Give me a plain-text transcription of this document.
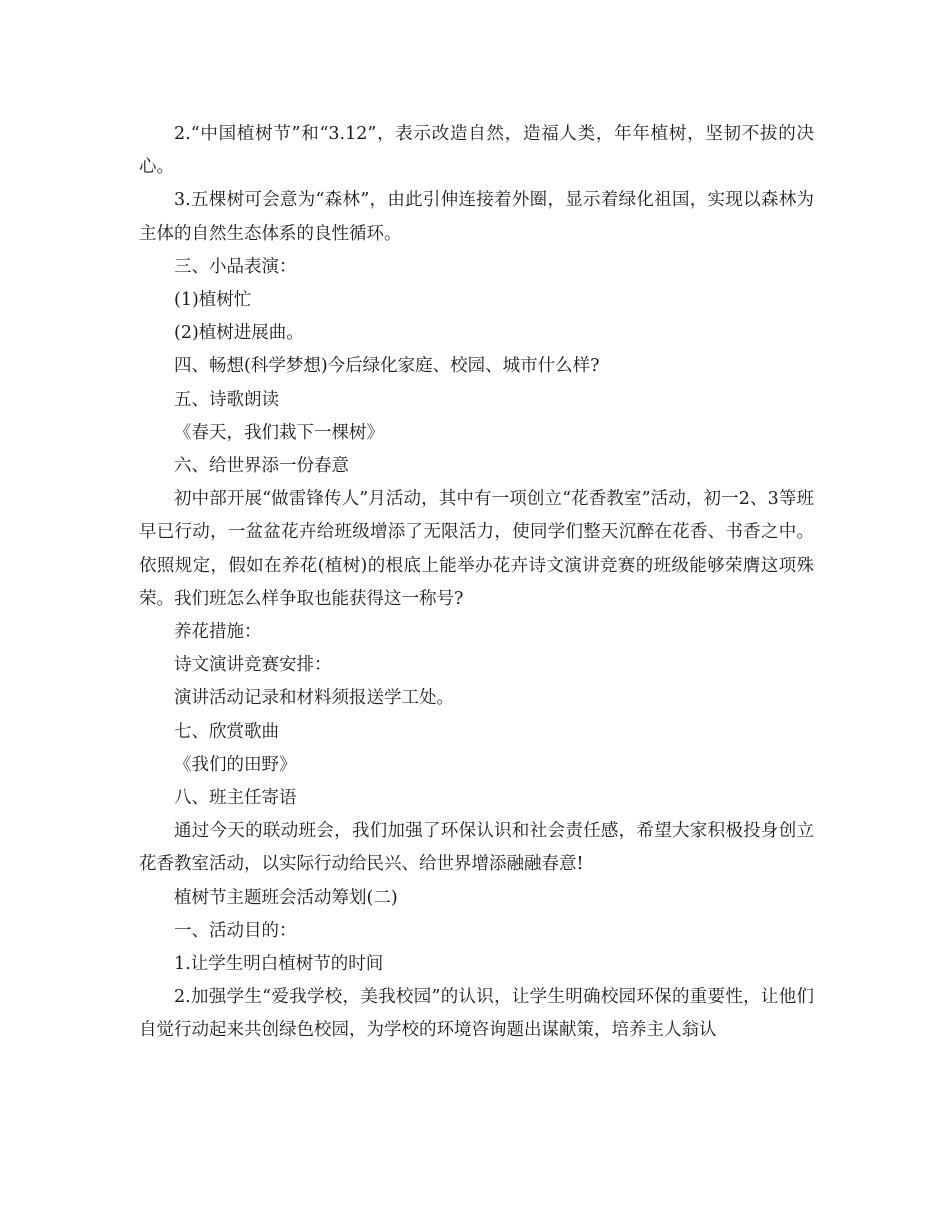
2.“中国植树节”和“3.12”，表示改造自然，造福人类，年年植树，坚韧不拔的决心。

3.五棵树可会意为“森林”，由此引伸连接着外圈，显示着绿化祖国，实现以森林为主体的自然生态体系的良性循环。

三、小品表演：

(1)植树忙

(2)植树进展曲。

四、畅想(科学梦想)今后绿化家庭、校园、城市什么样?

五、诗歌朗读

《春天，我们栽下一棵树》

六、给世界添一份春意

初中部开展“做雷锋传人”月活动，其中有一项创立“花香教室”活动，初一2、3等班早已行动，一盆盆花卉给班级增添了无限活力，使同学们整天沉醉在花香、书香之中。依照规定，假如在养花(植树)的根底上能举办花卉诗文演讲竞赛的班级能够荣膺这项殊荣。我们班怎么样争取也能获得这一称号?

养花措施：

诗文演讲竞赛安排：

演讲活动记录和材料须报送学工处。

七、欣赏歌曲

《我们的田野》

八、班主任寄语

通过今天的联动班会，我们加强了环保认识和社会责任感，希望大家积极投身创立花香教室活动，以实际行动给民兴、给世界增添融融春意!

植树节主题班会活动筹划(二)

一、活动目的：

1.让学生明白植树节的时间

2.加强学生“爱我学校，美我校园”的认识，让学生明确校园环保的重要性，让他们自觉行动起来共创绿色校园，为学校的环境咨询题出谋献策，培养主人翁认
